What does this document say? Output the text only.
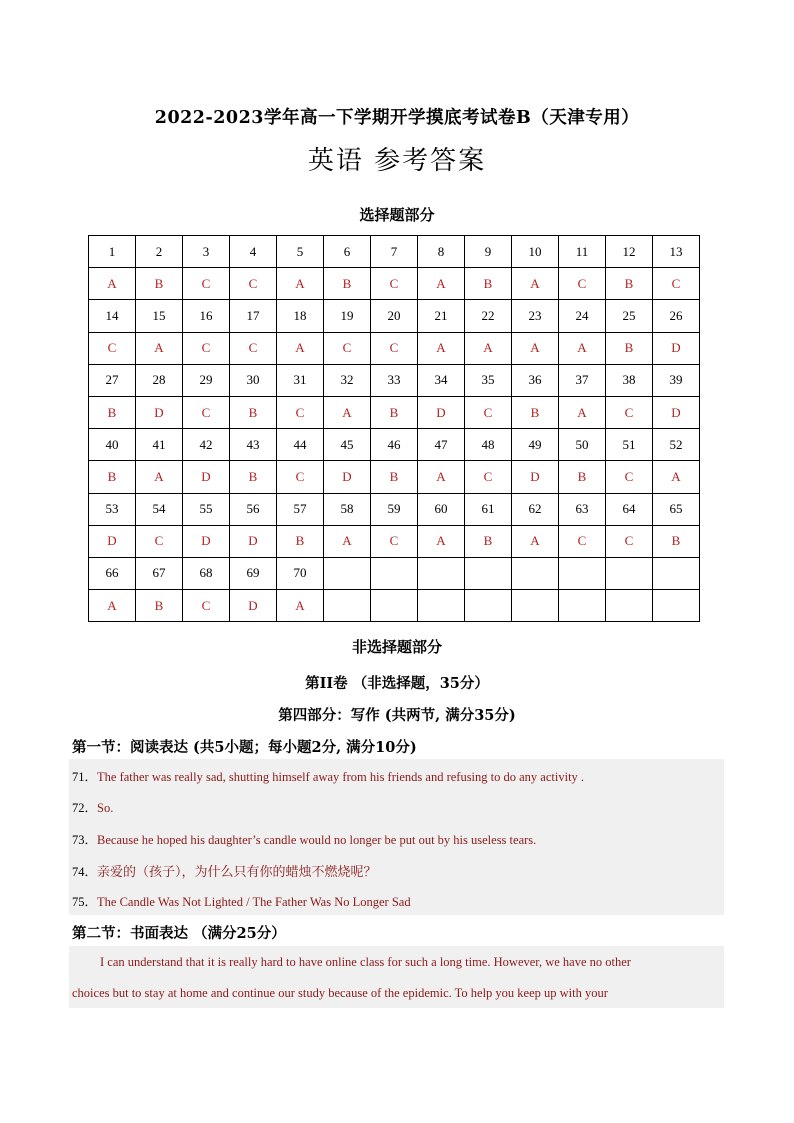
2022-2023学年高一下学期开学摸底考试卷B（天津专用）
英语 参考答案
选择题部分
1	2	3	4	5	6	7	8	9	10	11	12	13
A	B	C	C	A	B	C	A	B	A	C	B	C
14	15	16	17	18	19	20	21	22	23	24	25	26
C	A	C	C	A	C	C	A	A	A	A	B	D
27	28	29	30	31	32	33	34	35	36	37	38	39
B	D	C	B	C	A	B	D	C	B	A	C	D
40	41	42	43	44	45	46	47	48	49	50	51	52
B	A	D	B	C	D	B	A	C	D	B	C	A
53	54	55	56	57	58	59	60	61	62	63	64	65
D	C	D	D	B	A	C	A	B	A	C	C	B
66	67	68	69	70								
A	B	C	D	A								
非选择题部分
第II卷 （非选择题，35分）
第四部分：写作 (共两节, 满分35分)
第一节：阅读表达 (共5小题；每小题2分, 满分10分)
71．The father was really sad, shutting himself away from his friends and refusing to do any activity .
72．So.
73．Because he hoped his daughter’s candle would no longer be put out by his useless tears.
74．亲爱的（孩子），为什么只有你的蜡烛不燃烧呢？
75．The Candle Was Not Lighted / The Father Was No Longer Sad
第二节：书面表达 （满分25分）
I can understand that it is really hard to have online class for such a long time. However, we have no other
choices but to stay at home and continue our study because of the epidemic. To help you keep up with your
